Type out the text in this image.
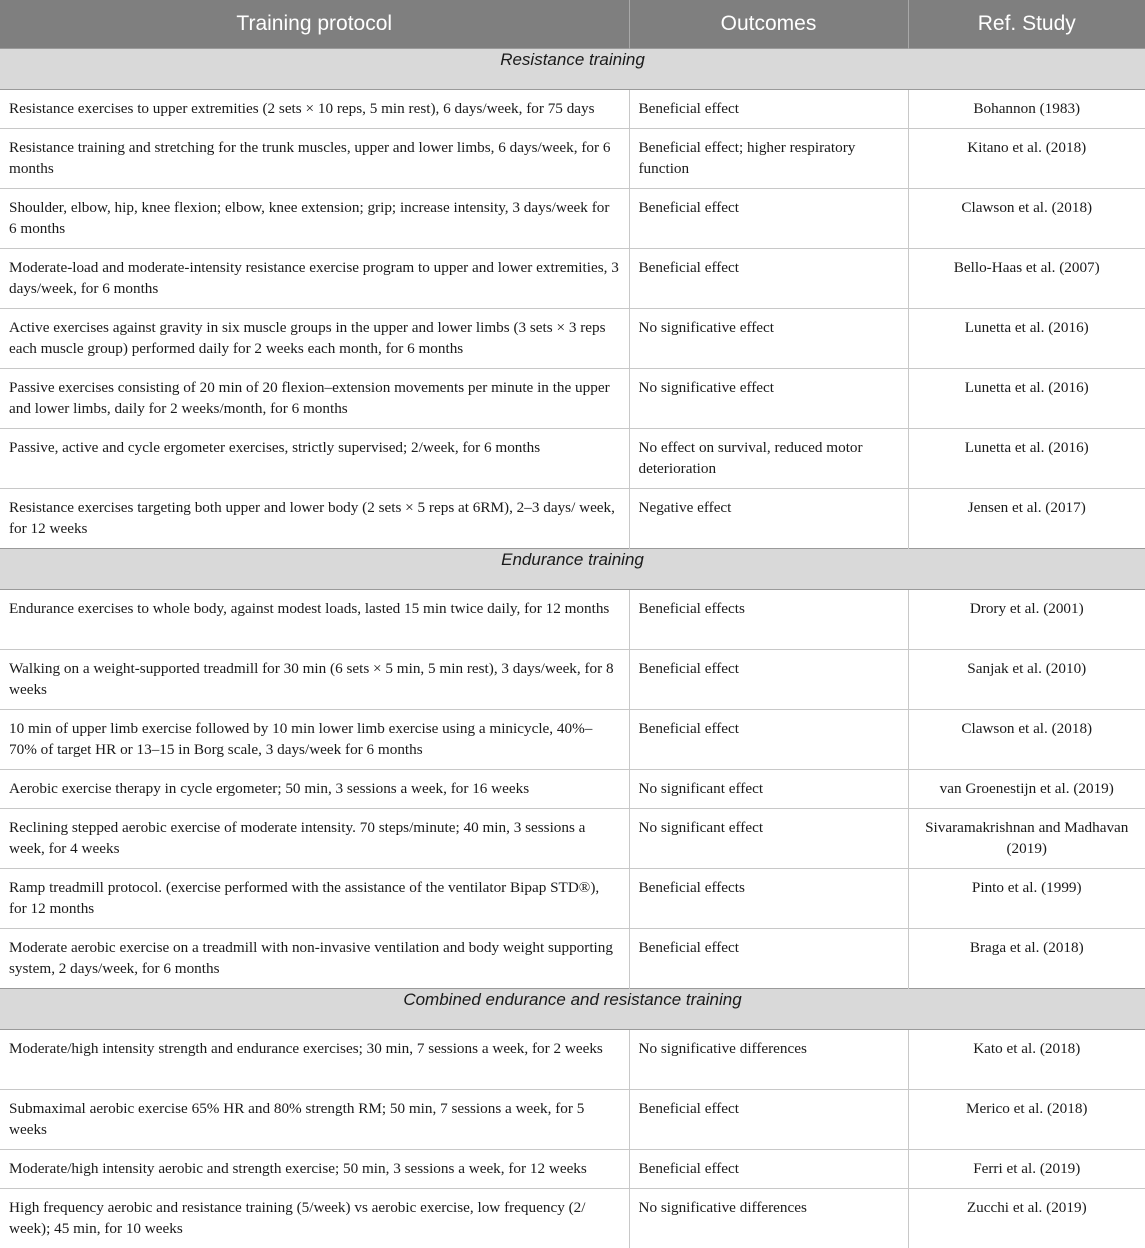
Training protocol	Outcomes	Ref. Study
Resistance training		
Resistance exercises to upper extremities (2 sets × 10 reps, 5 min rest), 6 days/week, for 75 days	Beneficial effect	Bohannon (1983)
Resistance training and stretching for the trunk muscles, upper and lower limbs, 6 days/week, for 6 months	Beneficial effect; higher respiratory function	Kitano et al. (2018)
Shoulder, elbow, hip, knee flexion; elbow, knee extension; grip; increase intensity, 3 days/week for 6 months	Beneficial effect	Clawson et al. (2018)
Moderate-load and moderate-intensity resistance exercise program to upper and lower extremities, 3 days/week, for 6 months	Beneficial effect	Bello-Haas et al. (2007)
Active exercises against gravity in six muscle groups in the upper and lower limbs (3 sets × 3 reps each muscle group) performed daily for 2 weeks each month, for 6 months	No significative effect	Lunetta et al. (2016)
Passive exercises consisting of 20 min of 20 flexion–extension movements per minute in the upper and lower limbs, daily for 2 weeks/month, for 6 months	No significative effect	Lunetta et al. (2016)
Passive, active and cycle ergometer exercises, strictly supervised; 2/week, for 6 months	No effect on survival, reduced motor deterioration	Lunetta et al. (2016)
Resistance exercises targeting both upper and lower body (2 sets × 5 reps at 6RM), 2–3 days/ week, for 12 weeks	Negative effect	Jensen et al. (2017)
Endurance training		
Endurance exercises to whole body, against modest loads, lasted 15 min twice daily, for 12 months	Beneficial effects	Drory et al. (2001)
Walking on a weight-supported treadmill for 30 min (6 sets × 5 min, 5 min rest), 3 days/week, for 8 weeks	Beneficial effect	Sanjak et al. (2010)
10 min of upper limb exercise followed by 10 min lower limb exercise using a minicycle, 40%–70% of target HR or 13–15 in Borg scale, 3 days/week for 6 months	Beneficial effect	Clawson et al. (2018)
Aerobic exercise therapy in cycle ergometer; 50 min, 3 sessions a week, for 16 weeks	No significant effect	van Groenestijn et al. (2019)
Reclining stepped aerobic exercise of moderate intensity. 70 steps/minute; 40 min, 3 sessions a week, for 4 weeks	No significant effect	Sivaramakrishnan and Madhavan (2019)
Ramp treadmill protocol. (exercise performed with the assistance of the ventilator Bipap STD®), for 12 months	Beneficial effects	Pinto et al. (1999)
Moderate aerobic exercise on a treadmill with non-invasive ventilation and body weight supporting system, 2 days/week, for 6 months	Beneficial effect	Braga et al. (2018)
Combined endurance and resistance training		
Moderate/high intensity strength and endurance exercises; 30 min, 7 sessions a week, for 2 weeks	No significative differences	Kato et al. (2018)
Submaximal aerobic exercise 65% HR and 80% strength RM; 50 min, 7 sessions a week, for 5 weeks	Beneficial effect	Merico et al. (2018)
Moderate/high intensity aerobic and strength exercise; 50 min, 3 sessions a week, for 12 weeks	Beneficial effect	Ferri et al. (2019)
High frequency aerobic and resistance training (5/week) vs aerobic exercise, low frequency (2/ week); 45 min, for 10 weeks	No significative differences	Zucchi et al. (2019)
